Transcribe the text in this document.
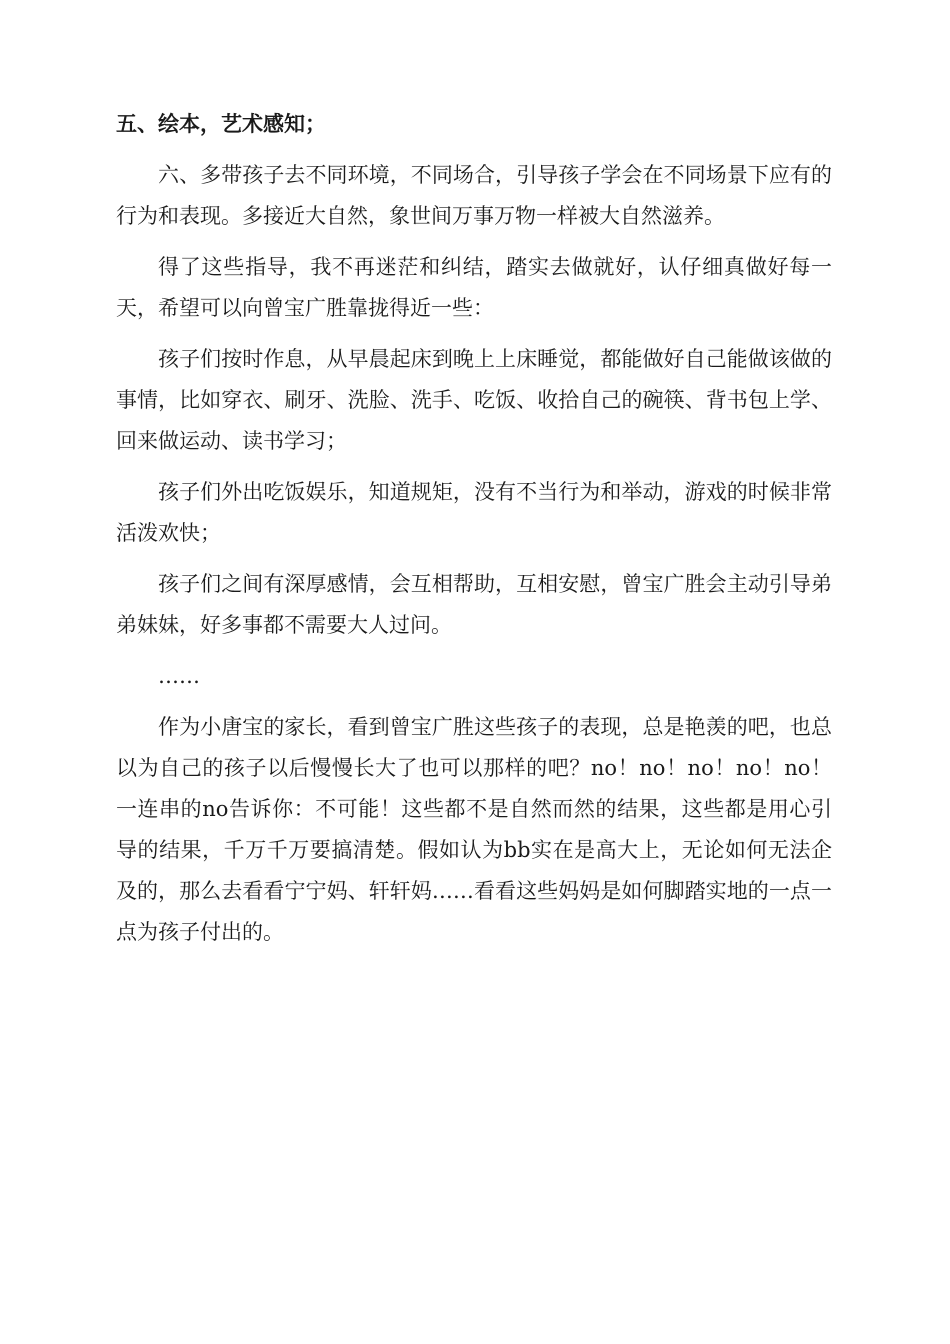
五、绘本，艺术感知；

六、多带孩子去不同环境，不同场合，引导孩子学会在不同场景下应有的行为和表现。多接近大自然，象世间万事万物一样被大自然滋养。

得了这些指导，我不再迷茫和纠结，踏实去做就好，认仔细真做好每一天，希望可以向曾宝广胜靠拢得近一些：

孩子们按时作息，从早晨起床到晚上上床睡觉，都能做好自己能做该做的事情，比如穿衣、刷牙、洗脸、洗手、吃饭、收拾自己的碗筷、背书包上学、回来做运动、读书学习；

孩子们外出吃饭娱乐，知道规矩，没有不当行为和举动，游戏的时候非常活泼欢快；

孩子们之间有深厚感情，会互相帮助，互相安慰，曾宝广胜会主动引导弟弟妹妹，好多事都不需要大人过问。

……

作为小唐宝的家长，看到曾宝广胜这些孩子的表现，总是艳羡的吧，也总以为自己的孩子以后慢慢长大了也可以那样的吧？no！no！no！no！no！一连串的no告诉你：不可能！这些都不是自然而然的结果，这些都是用心引导的结果，千万千万要搞清楚。假如认为bb实在是高大上，无论如何无法企及的，那么去看看宁宁妈、轩轩妈……看看这些妈妈是如何脚踏实地的一点一点为孩子付出的。
